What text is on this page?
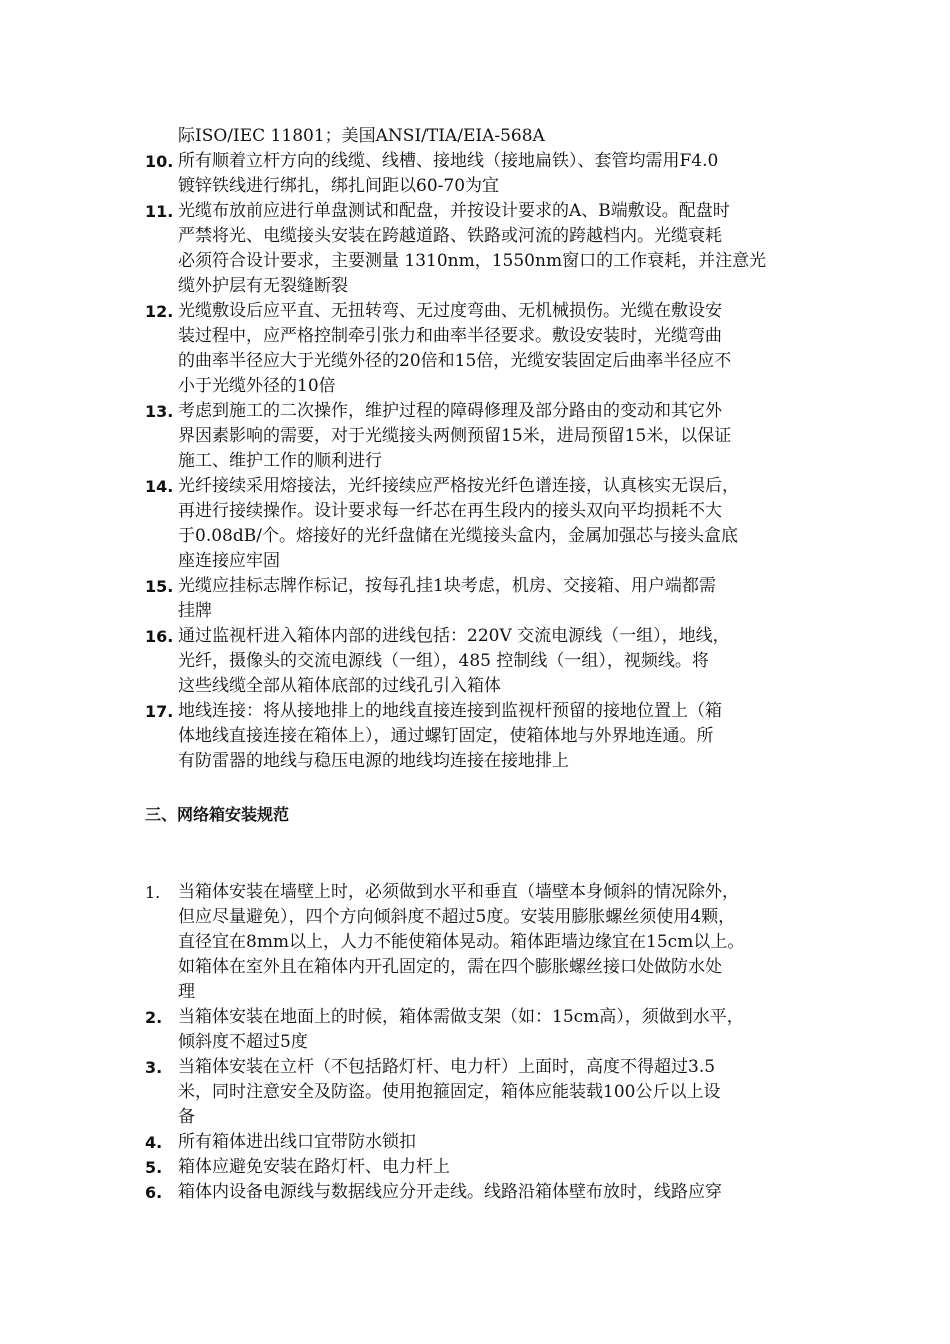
际ISO/IEC 11801；美国ANSI/TIA/EIA-568A
10. 所有顺着立杆方向的线缆、线槽、接地线（接地扁铁）、套管均需用F4.0
镀锌铁线进行绑扎，绑扎间距以60-70为宜
11. 光缆布放前应进行单盘测试和配盘，并按设计要求的A、B端敷设。配盘时
严禁将光、电缆接头安装在跨越道路、铁路或河流的跨越档内。光缆衰耗
必须符合设计要求，主要测量 1310nm，1550nm窗口的工作衰耗，并注意光
缆外护层有无裂缝断裂
12. 光缆敷设后应平直、无扭转弯、无过度弯曲、无机械损伤。光缆在敷设安
装过程中，应严格控制牵引张力和曲率半径要求。敷设安装时，光缆弯曲
的曲率半径应大于光缆外径的20倍和15倍，光缆安装固定后曲率半径应不
小于光缆外径的10倍
13. 考虑到施工的二次操作，维护过程的障碍修理及部分路由的变动和其它外
界因素影响的需要，对于光缆接头两侧预留15米，进局预留15米，以保证
施工、维护工作的顺利进行
14. 光纤接续采用熔接法，光纤接续应严格按光纤色谱连接，认真核实无误后，
再进行接续操作。设计要求每一纤芯在再生段内的接头双向平均损耗不大
于0.08dB/个。熔接好的光纤盘储在光缆接头盒内，金属加强芯与接头盒底
座连接应牢固
15. 光缆应挂标志牌作标记，按每孔挂1块考虑，机房、交接箱、用户端都需
挂牌
16. 通过监视杆进入箱体内部的进线包括：220V 交流电源线（一组），地线，
光纤，摄像头的交流电源线（一组），485 控制线（一组），视频线。将
这些线缆全部从箱体底部的过线孔引入箱体
17. 地线连接：将从接地排上的地线直接连接到监视杆预留的接地位置上（箱
体地线直接连接在箱体上），通过螺钉固定，使箱体地与外界地连通。所
有防雷器的地线与稳压电源的地线均连接在接地排上
三、网络箱安装规范
1.	当箱体安装在墙壁上时，必须做到水平和垂直（墙壁本身倾斜的情况除外，
但应尽量避免），四个方向倾斜度不超过5度。安装用膨胀螺丝须使用4颗，
直径宜在8mm以上，人力不能使箱体晃动。箱体距墙边缘宜在15cm以上。
如箱体在室外且在箱体内开孔固定的，需在四个膨胀螺丝接口处做防水处
理
2. 当箱体安装在地面上的时候，箱体需做支架（如：15cm高），须做到水平，
倾斜度不超过5度
3. 当箱体安装在立杆（不包括路灯杆、电力杆）上面时，高度不得超过3.5
米，同时注意安全及防盗。使用抱箍固定，箱体应能装载100公斤以上设
备
4. 所有箱体进出线口宜带防水锁扣
5. 箱体应避免安装在路灯杆、电力杆上
6. 箱体内设备电源线与数据线应分开走线。线路沿箱体壁布放时，线路应穿
